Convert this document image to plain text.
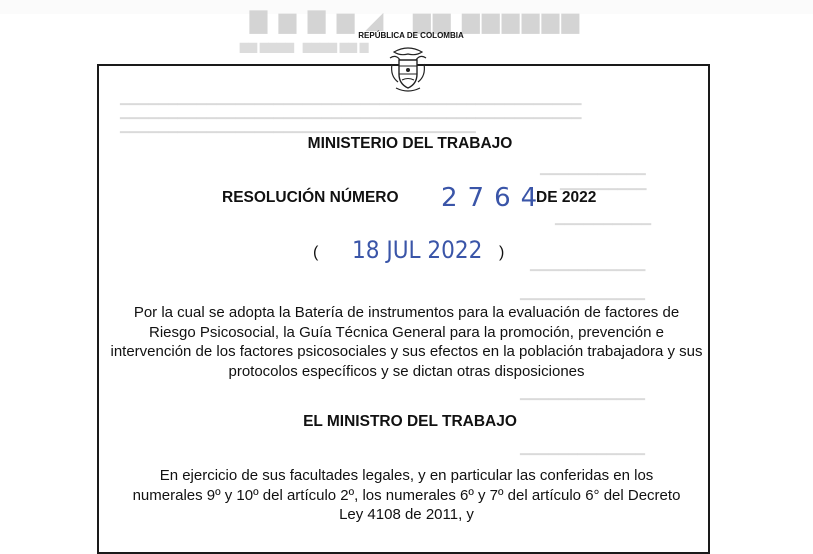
▇ ▆ ▇ ▆ ◢   ▆▆ ▆▆▆▆▆▆
▆▆ ▆▆▆▆   ▆▆▆▆ ▆▆ ▆
▁▁▁▁▁▁▁▁▁▁▁▁▁▁▁▁▁▁▁▁▁▁▁▁▁▁▁▁▁▁▁▁▁▁▁▁▁▁▁▁▁▁▁▁▁▁▁▁
▁▁▁▁▁▁▁▁▁▁▁▁▁▁▁▁▁▁▁▁▁▁▁▁▁▁▁▁▁▁▁▁▁▁▁▁▁▁▁▁▁▁▁▁▁▁▁▁
▁▁▁▁▁▁▁▁▁▁▁▁▁▁▁▁▁▁▁▁▁▁▁▁▁▁▁▁▁▁▁▁▁▁▁▁▁
▁▁▁▁▁▁▁▁▁▁▁
▁▁▁▁▁▁▁▁▁
▁▁▁▁▁▁▁▁▁▁
▁▁▁▁▁▁▁▁▁▁▁▁
▁▁▁▁▁▁▁▁▁▁▁▁▁
▁▁▁▁▁▁▁▁▁▁▁▁▁
▁▁▁▁▁▁▁▁▁▁▁▁▁
REPÚBLICA DE COLOMBIA
MINISTERIO DEL TRABAJO
RESOLUCIÓN NÚMERO 2764
DE 2022
( 18 JUL 2022 )
Por la cual se adopta la Batería de instrumentos para la evaluación de factores de Riesgo Psicosocial, la Guía Técnica General para la promoción, prevención e intervención de los factores psicosociales y sus efectos en la población trabajadora y sus protocolos específicos y se dictan otras disposiciones
EL MINISTRO DEL TRABAJO
En ejercicio de sus facultades legales, y en particular las conferidas en los numerales 9º y 10º del artículo 2º, los numerales 6º y 7º del artículo 6° del Decreto Ley 4108 de 2011, y
